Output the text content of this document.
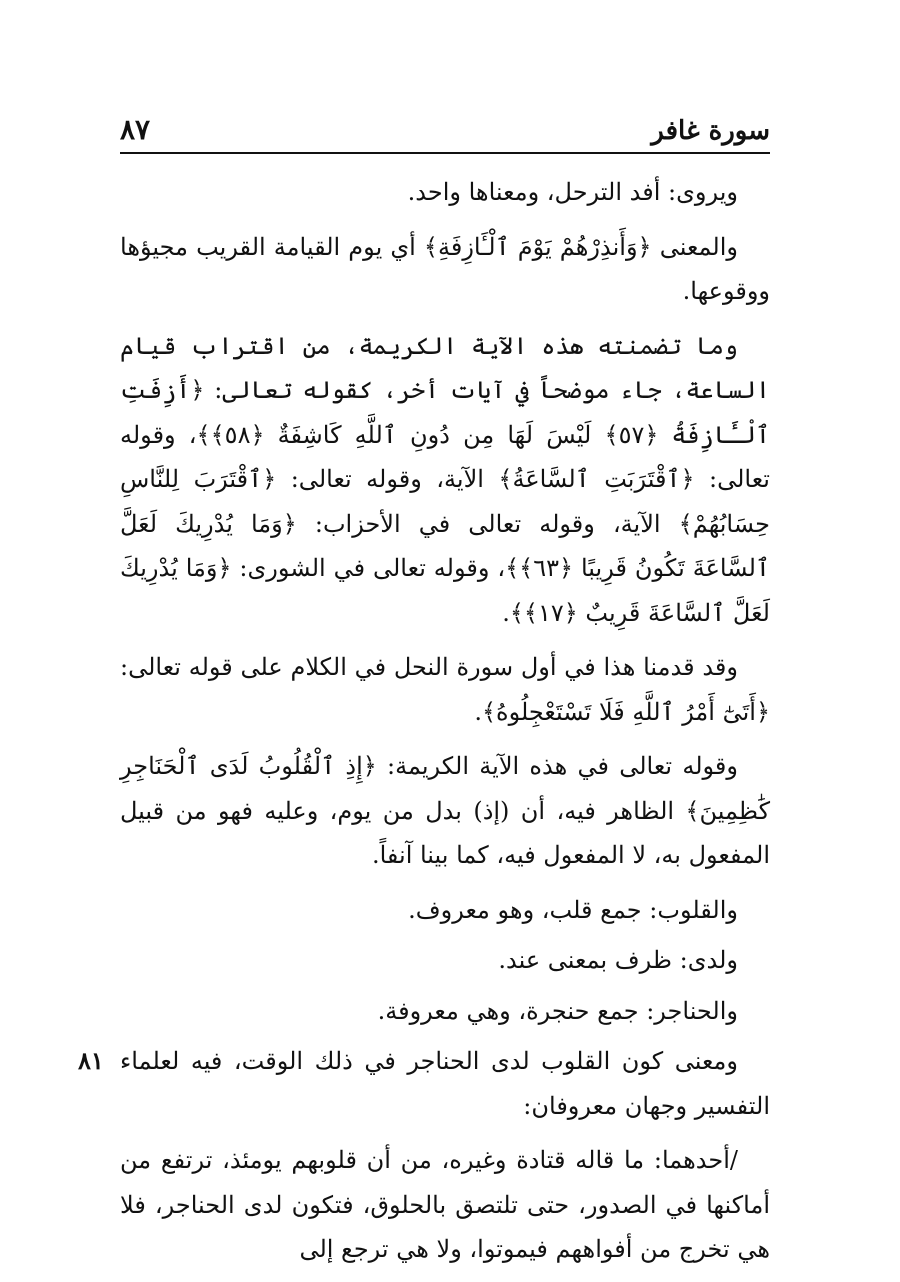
سورة غافر
٨٧

ويروى: أفد الترحل، ومعناها واحد.

والمعنى ﴿وَأَنذِرْهُمْ يَوْمَ ٱلْـَٔازِفَةِ﴾ أي يوم القيامة القريب مجيؤها ووقوعها.

وما تضمنته هذه الآية الكريمة، من اقتراب قيام الساعة، جاء موضحاً في آيات أخر، كقوله تعالى: ﴿أَزِفَتِ ٱلْـَٔازِفَةُ ﴿٥٧﴾ لَيْسَ لَهَا مِن دُونِ ٱللَّهِ كَاشِفَةٌ ﴿٥٨﴾﴾، وقوله تعالى: ﴿ٱقْتَرَبَتِ ٱلسَّاعَةُ﴾ الآية، وقوله تعالى: ﴿ٱقْتَرَبَ لِلنَّاسِ حِسَابُهُمْ﴾ الآية، وقوله تعالى في الأحزاب: ﴿وَمَا يُدْرِيكَ لَعَلَّ ٱلسَّاعَةَ تَكُونُ قَرِيبًا ﴿٦٣﴾﴾، وقوله تعالى في الشورى: ﴿وَمَا يُدْرِيكَ لَعَلَّ ٱلسَّاعَةَ قَرِيبٌ ﴿١٧﴾﴾.

وقد قدمنا هذا في أول سورة النحل في الكلام على قوله تعالى: ﴿أَتَىٰٓ أَمْرُ ٱللَّهِ فَلَا تَسْتَعْجِلُوهُ﴾.

وقوله تعالى في هذه الآية الكريمة: ﴿إِذِ ٱلْقُلُوبُ لَدَى ٱلْحَنَاجِرِ كَٰظِمِينَ﴾ الظاهر فيه، أن (إذ) بدل من يوم، وعليه فهو من قبيل المفعول به، لا المفعول فيه، كما بينا آنفاً.

والقلوب: جمع قلب، وهو معروف.

ولدى: ظرف بمعنى عند.

والحناجر: جمع حنجرة، وهي معروفة.

ومعنى كون القلوب لدى الحناجر في ذلك الوقت، فيه لعلماء التفسير وجهان معروفان:

/أحدهما: ما قاله قتادة وغيره، من أن قلوبهم يومئذ، ترتفع من أماكنها في الصدور، حتى تلتصق بالحلوق، فتكون لدى الحناجر، فلا هي تخرج من أفواههم فيموتوا، ولا هي ترجع إلى

٨١
